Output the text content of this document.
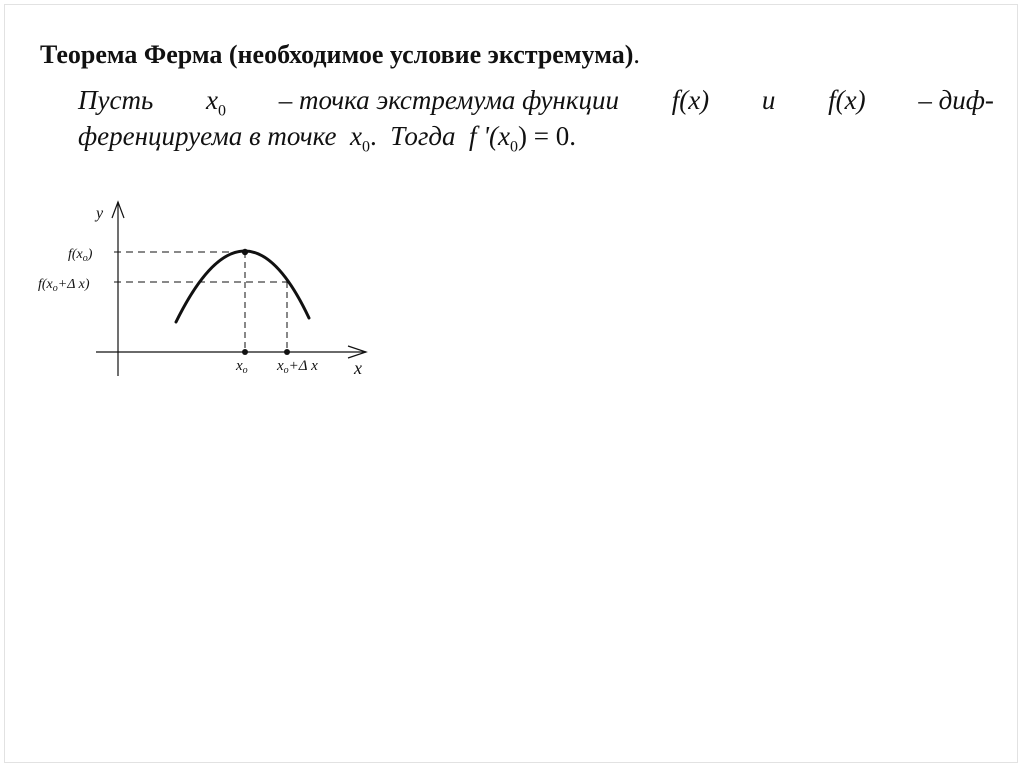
Теорема Ферма (необходимое условие экстремума).
Пусть $x_0$ – точка экстремума функции f(x) и f(x) – диф-
ференцируема в точке $x_0$. Тогда f '$(x_0) = 0$.
y
x
$f(x_o)$
$f(x_o+\Delta$ x)
$x_o$ $x_o+\Delta$ x
